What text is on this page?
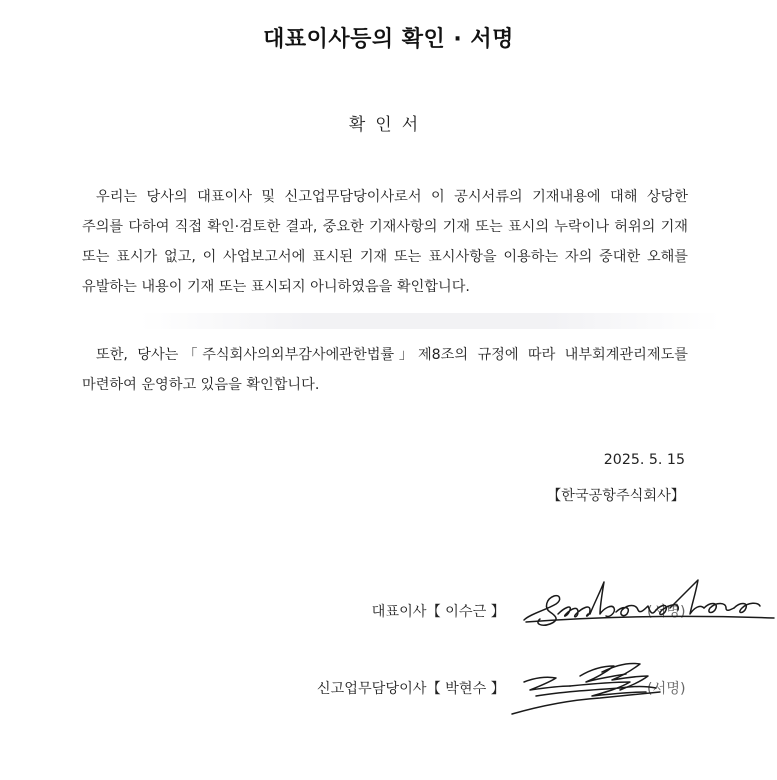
대표이사등의 확인 · 서명
확인서
우리는 당사의 대표이사 및 신고업무담당이사로서 이 공시서류의 기재내용에 대해 상당한 주의를 다하여 직접 확인·검토한 결과, 중요한 기재사항의 기재 또는 표시의 누락이나 허위의 기재 또는 표시가 없고, 이 사업보고서에 표시된 기재 또는 표시사항을 이용하는 자의 중대한 오해를 유발하는 내용이 기재 또는 표시되지 아니하였음을 확인합니다.
또한, 당사는「주식회사의외부감사에관한법률」제8조의 규정에 따라 내부회계관리제도를 마련하여 운영하고 있음을 확인합니다.
2025. 5. 15
【한국공항주식회사】
대표이사【 이수근 】	(서명)
신고업무담당이사【 박현수 】	(서명)
